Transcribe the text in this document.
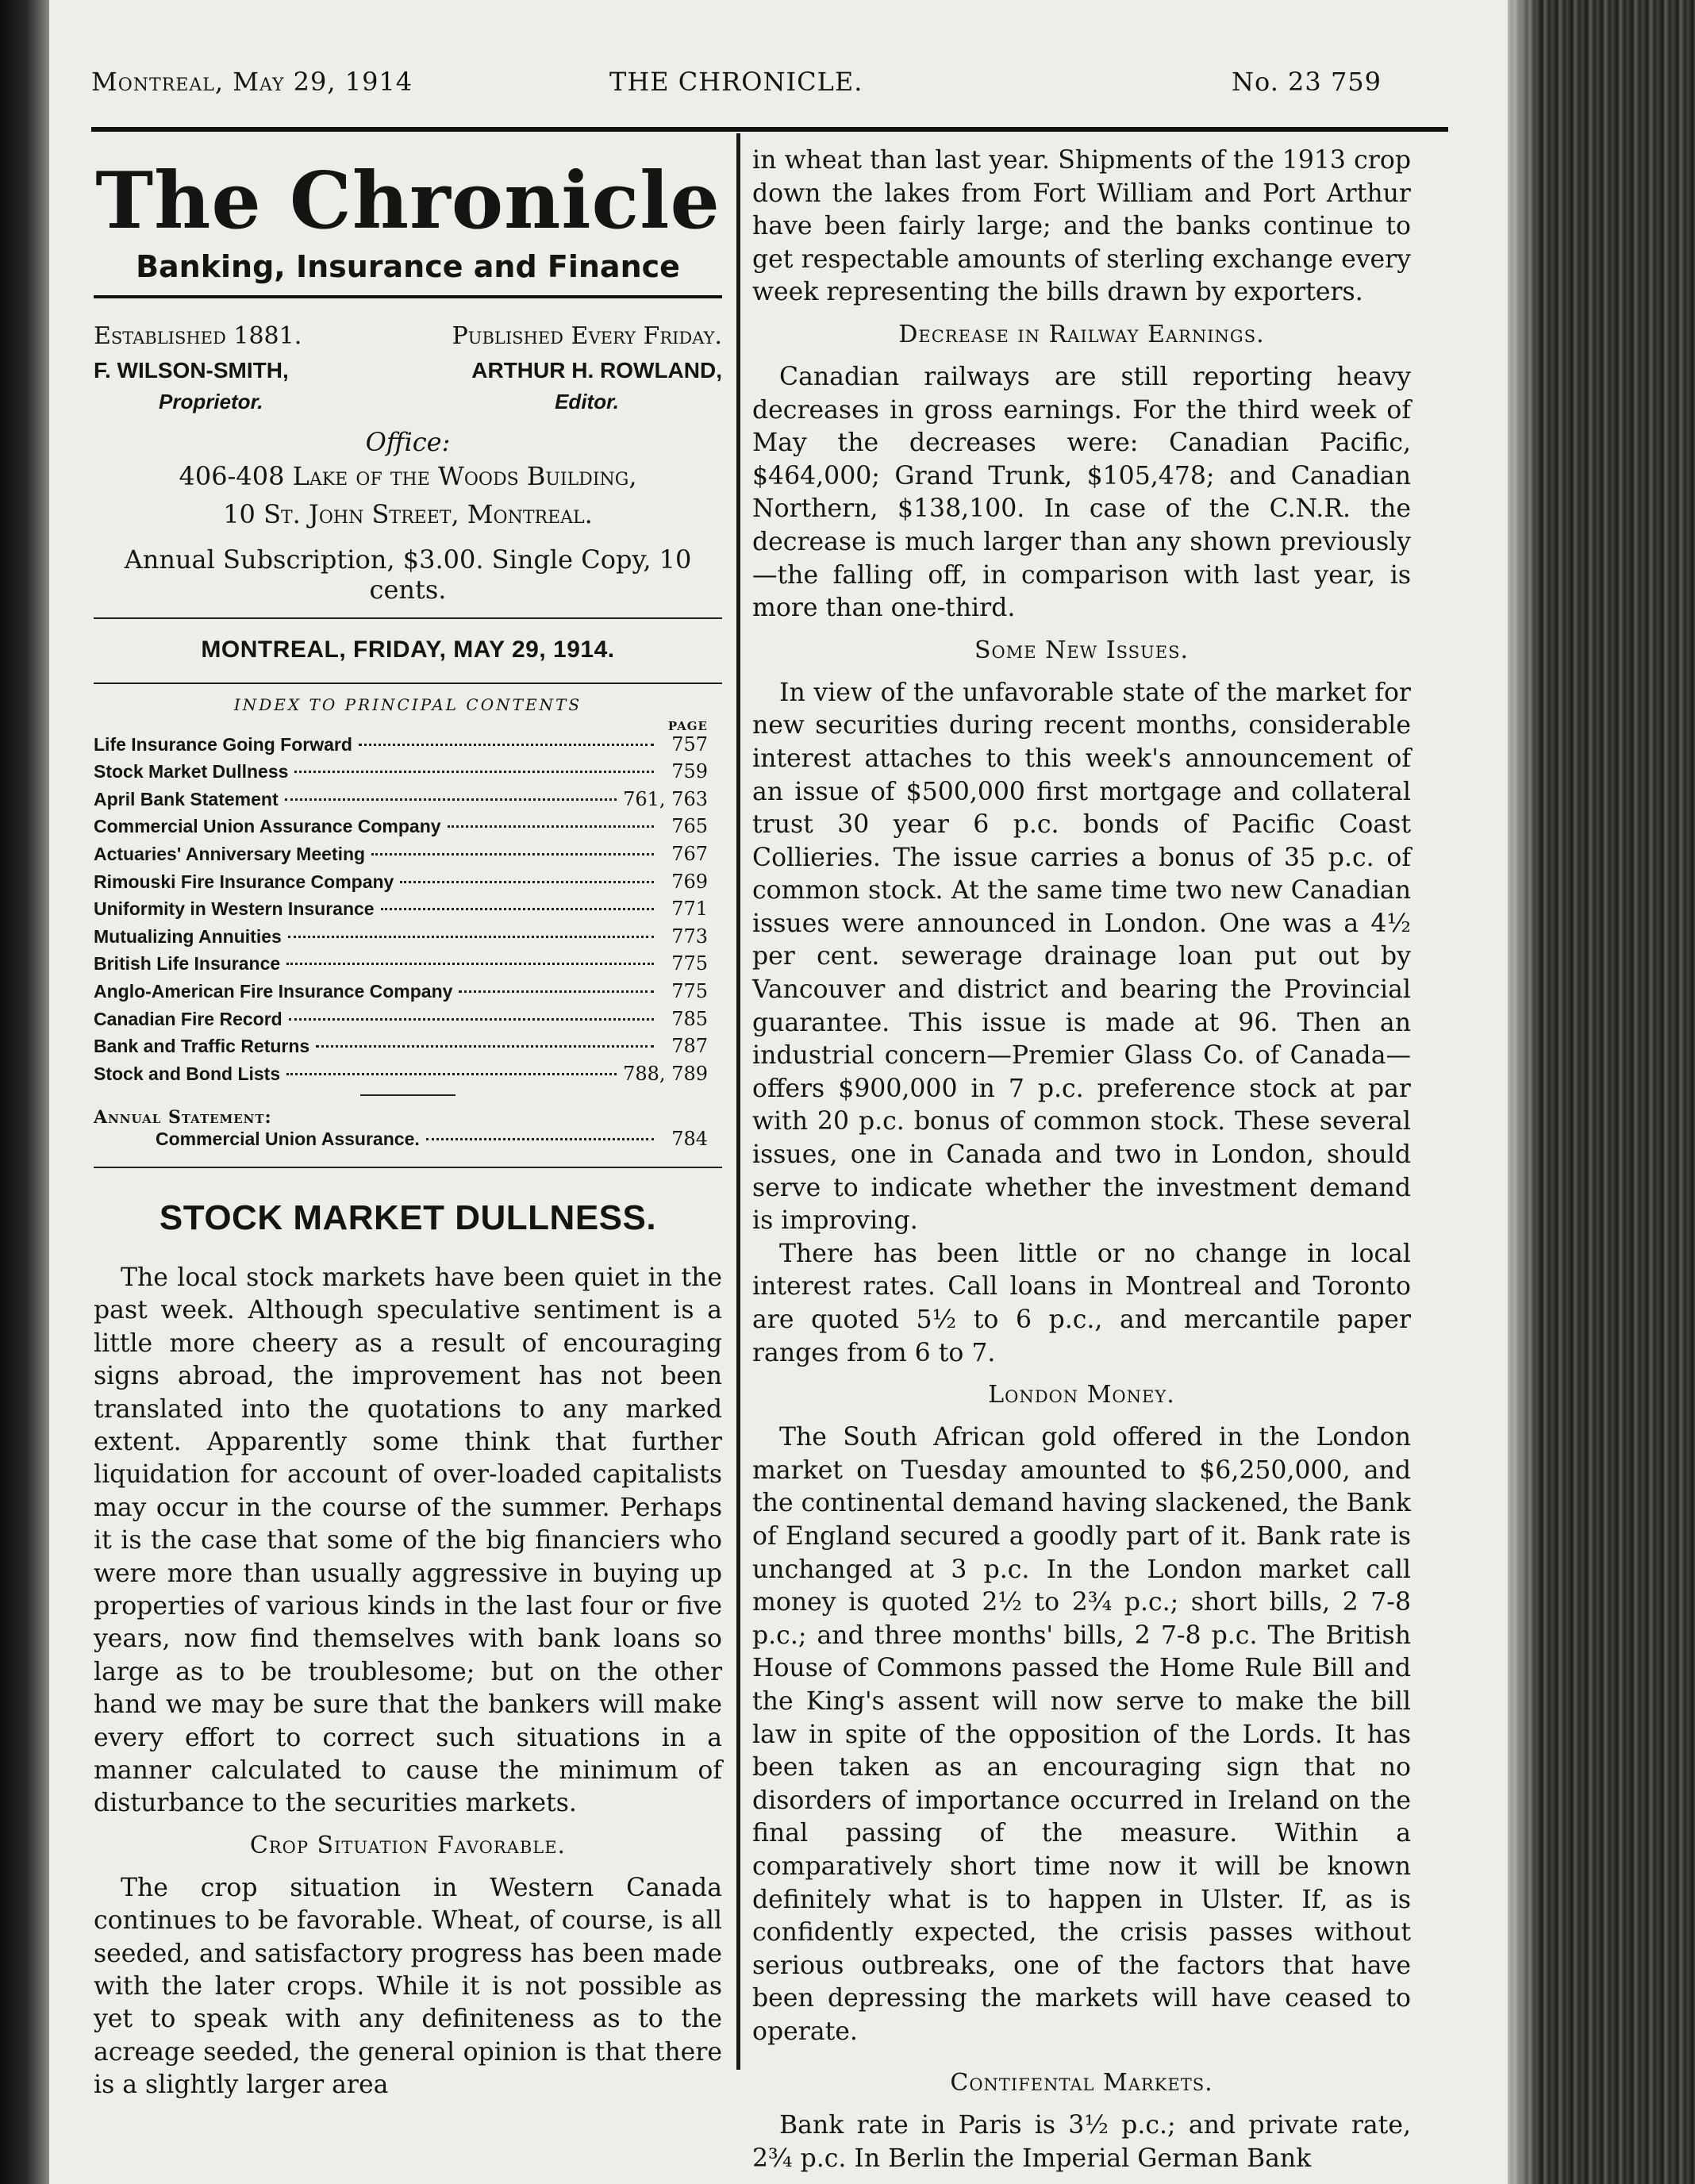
Montreal, May 29, 1914	THE CHRONICLE.	No. 23 759
The Chronicle
Banking, Insurance and Finance
Established 1881.	Published Every Friday.
F. WILSON-SMITH,	ARTHUR H. ROWLAND,
Proprietor.	Editor.
Office:
406-408 Lake of the Woods Building,
10 St. John Street, Montreal.
Annual Subscription, $3.00. Single Copy, 10 cents.
MONTREAL, FRIDAY, MAY 29, 1914.
INDEX TO PRINCIPAL CONTENTS
PAGE
Life Insurance Going Forward	757
Stock Market Dullness	759
April Bank Statement	761, 763
Commercial Union Assurance Company	765
Actuaries' Anniversary Meeting	767
Rimouski Fire Insurance Company	769
Uniformity in Western Insurance	771
Mutualizing Annuities	773
British Life Insurance	775
Anglo-American Fire Insurance Company	775
Canadian Fire Record	785
Bank and Traffic Returns	787
Stock and Bond Lists	788, 789
Annual Statement:
Commercial Union Assurance.	784
STOCK MARKET DULLNESS.

The local stock markets have been quiet in the past week. Although speculative sentiment is a little more cheery as a result of encouraging signs abroad, the improvement has not been translated into the quotations to any marked extent. Apparently some think that further liquidation for account of over-loaded capitalists may occur in the course of the summer. Perhaps it is the case that some of the big financiers who were more than usually aggressive in buying up properties of various kinds in the last four or five years, now find themselves with bank loans so large as to be troublesome; but on the other hand we may be sure that the bankers will make every effort to correct such situations in a manner calculated to cause the minimum of disturbance to the securities markets.

Crop Situation Favorable.

The crop situation in Western Canada continues to be favorable. Wheat, of course, is all seeded, and satisfactory progress has been made with the later crops. While it is not possible as yet to speak with any definiteness as to the acreage seeded, the general opinion is that there is a slightly larger area

in wheat than last year. Shipments of the 1913 crop down the lakes from Fort William and Port Arthur have been fairly large; and the banks continue to get respectable amounts of sterling exchange every week representing the bills drawn by exporters.

Decrease in Railway Earnings.

Canadian railways are still reporting heavy decreases in gross earnings. For the third week of May the decreases were: Canadian Pacific, $464,000; Grand Trunk, $105,478; and Canadian Northern, $138,100. In case of the C.N.R. the decrease is much larger than any shown previously—the falling off, in comparison with last year, is more than one-third.

Some New Issues.

In view of the unfavorable state of the market for new securities during recent months, considerable interest attaches to this week's announcement of an issue of $500,000 first mortgage and collateral trust 30 year 6 p.c. bonds of Pacific Coast Collieries. The issue carries a bonus of 35 p.c. of common stock. At the same time two new Canadian issues were announced in London. One was a 4½ per cent. sewerage drainage loan put out by Vancouver and district and bearing the Provincial guarantee. This issue is made at 96. Then an industrial concern—Premier Glass Co. of Canada—offers $900,000 in 7 p.c. preference stock at par with 20 p.c. bonus of common stock. These several issues, one in Canada and two in London, should serve to indicate whether the investment demand is improving.

There has been little or no change in local interest rates. Call loans in Montreal and Toronto are quoted 5½ to 6 p.c., and mercantile paper ranges from 6 to 7.

London Money.

The South African gold offered in the London market on Tuesday amounted to $6,250,000, and the continental demand having slackened, the Bank of England secured a goodly part of it. Bank rate is unchanged at 3 p.c. In the London market call money is quoted 2½ to 2¾ p.c.; short bills, 2 7-8 p.c.; and three months' bills, 2 7-8 p.c. The British House of Commons passed the Home Rule Bill and the King's assent will now serve to make the bill law in spite of the opposition of the Lords. It has been taken as an encouraging sign that no disorders of importance occurred in Ireland on the final passing of the measure. Within a comparatively short time now it will be known definitely what is to happen in Ulster. If, as is confidently expected, the crisis passes without serious outbreaks, one of the factors that have been depressing the markets will have ceased to operate.

Contifental Markets.

Bank rate in Paris is 3½ p.c.; and private rate, 2¾ p.c. In Berlin the Imperial German Bank
